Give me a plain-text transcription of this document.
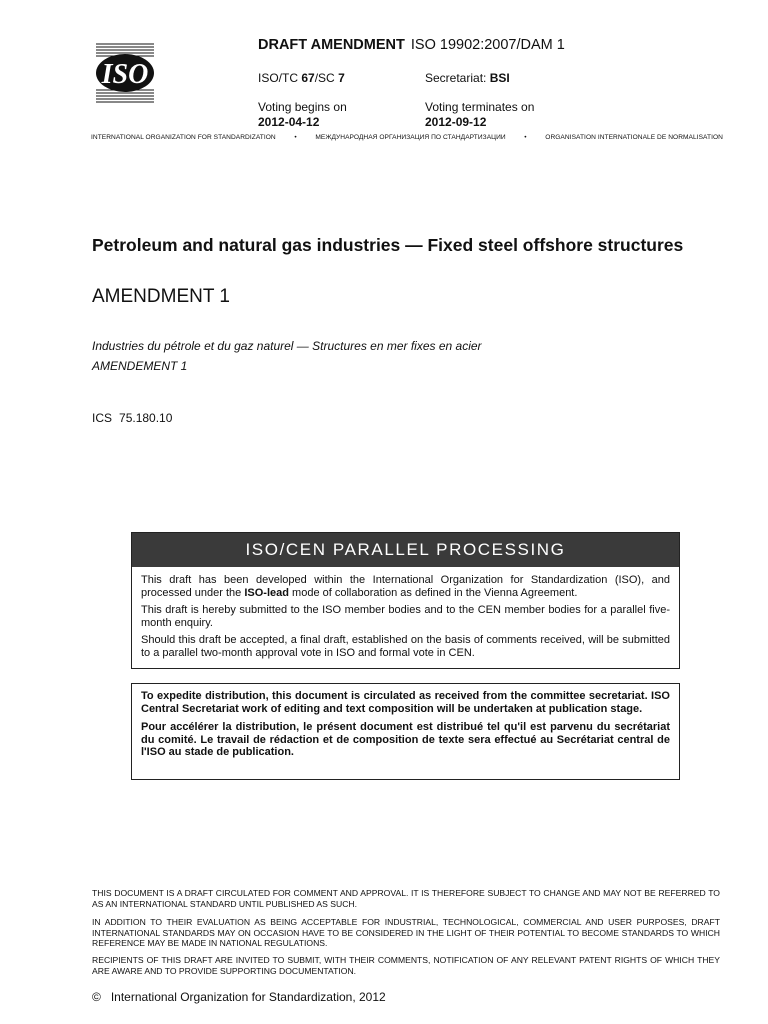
ISO
DRAFT AMENDMENT ISO 19902:2007/DAM 1
ISO/TC 67/SC 7	Secretariat: BSI
Voting begins on
2012-04-12
Voting terminates on
2012-09-12
INTERNATIONAL ORGANIZATION FOR STANDARDIZATION	•	МЕЖДУНАРОДНАЯ ОРГАНИЗАЦИЯ ПО СТАНДАРТИЗАЦИИ	•	ORGANISATION INTERNATIONALE DE NORMALISATION
Petroleum and natural gas industries — Fixed steel offshore structures
AMENDMENT 1
Industries du pétrole et du gaz naturel — Structures en mer fixes en acier
AMENDEMENT 1
ICS 75.180.10
ISO/CEN PARALLEL PROCESSING

This draft has been developed within the International Organization for Standardization (ISO), and processed under the ISO-lead mode of collaboration as defined in the Vienna Agreement.

This draft is hereby submitted to the ISO member bodies and to the CEN member bodies for a parallel five-month enquiry.

Should this draft be accepted, a final draft, established on the basis of comments received, will be submitted to a parallel two-month approval vote in ISO and formal vote in CEN.

To expedite distribution, this document is circulated as received from the committee secretariat. ISO Central Secretariat work of editing and text composition will be undertaken at publication stage.

Pour accélérer la distribution, le présent document est distribué tel qu'il est parvenu du secrétariat du comité. Le travail de rédaction et de composition de texte sera effectué au Secrétariat central de l'ISO au stade de publication.

THIS DOCUMENT IS A DRAFT CIRCULATED FOR COMMENT AND APPROVAL. IT IS THEREFORE SUBJECT TO CHANGE AND MAY NOT BE REFERRED TO AS AN INTERNATIONAL STANDARD UNTIL PUBLISHED AS SUCH.
IN ADDITION TO THEIR EVALUATION AS BEING ACCEPTABLE FOR INDUSTRIAL, TECHNOLOGICAL, COMMERCIAL AND USER PURPOSES, DRAFT INTERNATIONAL STANDARDS MAY ON OCCASION HAVE TO BE CONSIDERED IN THE LIGHT OF THEIR POTENTIAL TO BECOME STANDARDS TO WHICH REFERENCE MAY BE MADE IN NATIONAL REGULATIONS.
RECIPIENTS OF THIS DRAFT ARE INVITED TO SUBMIT, WITH THEIR COMMENTS, NOTIFICATION OF ANY RELEVANT PATENT RIGHTS OF WHICH THEY ARE AWARE AND TO PROVIDE SUPPORTING DOCUMENTATION.
© International Organization for Standardization, 2012
